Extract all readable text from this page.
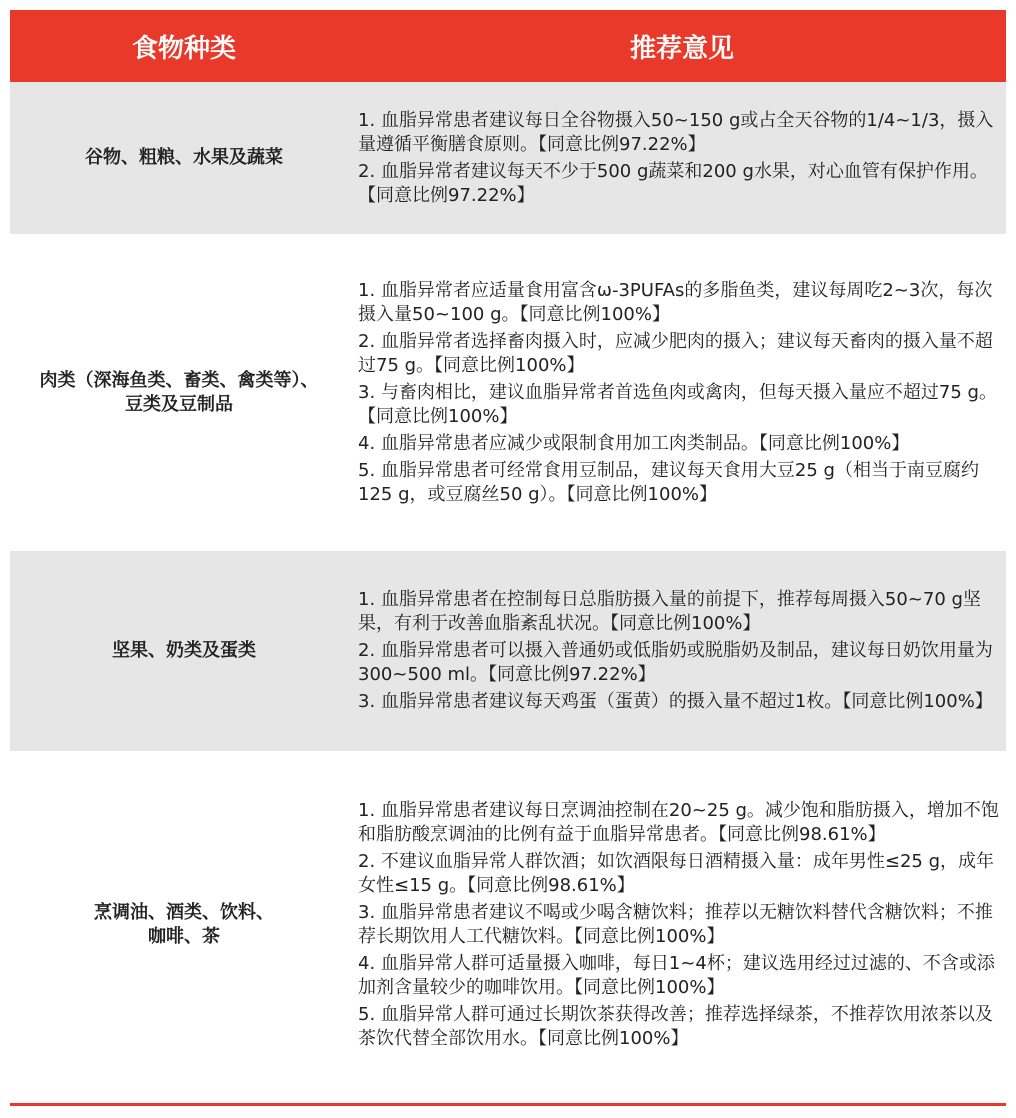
食物种类	推荐意见
谷物、粗粮、水果及蔬菜
1. 血脂异常患者建议每日全谷物摄入50~150 g或占全天谷物的1/4~1/3，摄入量遵循平衡膳食原则。【同意比例97.22%】
2. 血脂异常者建议每天不少于500 g蔬菜和200 g水果，对心血管有保护作用。【同意比例97.22%】
肉类（深海鱼类、畜类、禽类等）、
豆类及豆制品
1. 血脂异常者应适量食用富含ω-3PUFAs的多脂鱼类，建议每周吃2~3次，每次摄入量50~100 g。【同意比例100%】
2. 血脂异常者选择畜肉摄入时，应减少肥肉的摄入；建议每天畜肉的摄入量不超过75 g。【同意比例100%】
3. 与畜肉相比，建议血脂异常者首选鱼肉或禽肉，但每天摄入量应不超过75 g。【同意比例100%】
4. 血脂异常患者应减少或限制食用加工肉类制品。【同意比例100%】
5. 血脂异常患者可经常食用豆制品，建议每天食用大豆25 g（相当于南豆腐约125 g，或豆腐丝50 g）。【同意比例100%】
坚果、奶类及蛋类
1. 血脂异常患者在控制每日总脂肪摄入量的前提下，推荐每周摄入50~70 g坚果，有利于改善血脂紊乱状况。【同意比例100%】
2. 血脂异常患者可以摄入普通奶或低脂奶或脱脂奶及制品，建议每日奶饮用量为300~500 ml。【同意比例97.22%】
3. 血脂异常患者建议每天鸡蛋（蛋黄）的摄入量不超过1枚。【同意比例100%】
烹调油、酒类、饮料、
咖啡、茶
1. 血脂异常患者建议每日烹调油控制在20~25 g。减少饱和脂肪摄入，增加不饱和脂肪酸烹调油的比例有益于血脂异常患者。【同意比例98.61%】
2. 不建议血脂异常人群饮酒；如饮酒限每日酒精摄入量：成年男性≤25 g，成年女性≤15 g。【同意比例98.61%】
3. 血脂异常患者建议不喝或少喝含糖饮料；推荐以无糖饮料替代含糖饮料；不推荐长期饮用人工代糖饮料。【同意比例100%】
4. 血脂异常人群可适量摄入咖啡，每日1~4杯；建议选用经过过滤的、不含或添加剂含量较少的咖啡饮用。【同意比例100%】
5. 血脂异常人群可通过长期饮茶获得改善；推荐选择绿茶，不推荐饮用浓茶以及茶饮代替全部饮用水。【同意比例100%】
